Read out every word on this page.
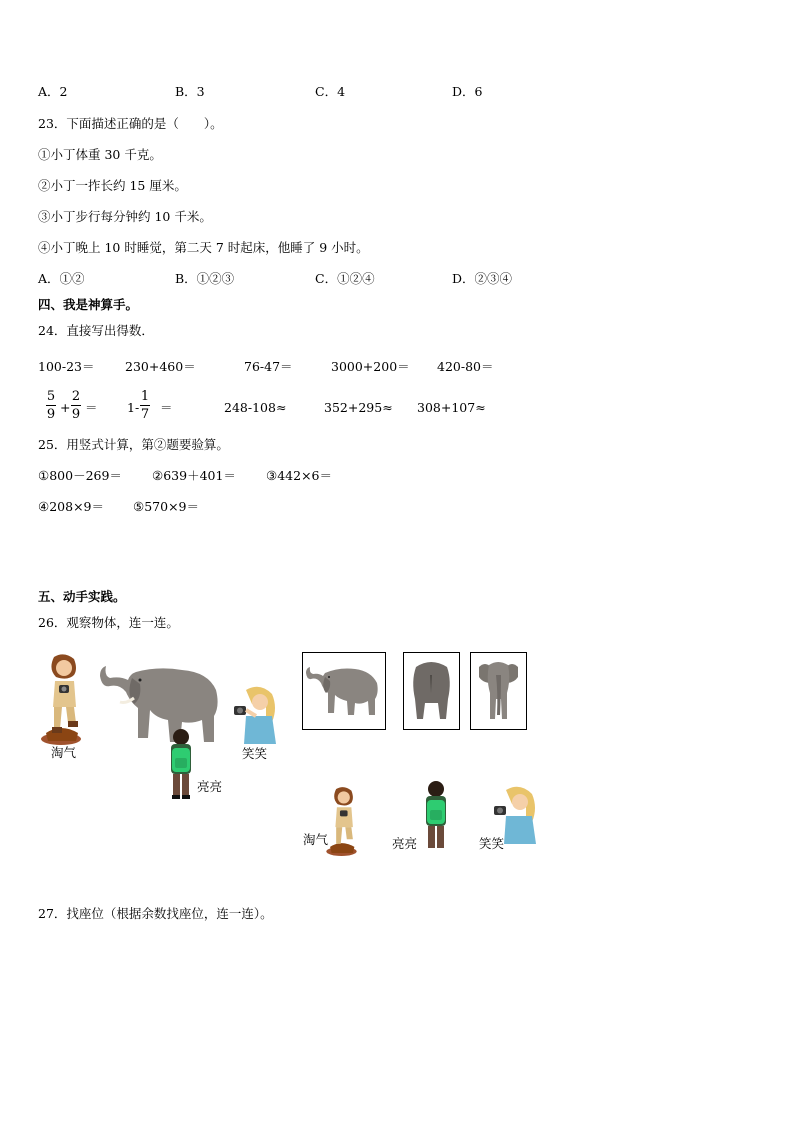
A．2	B．3	C．4	D．6
23．下面描述正确的是（　　）。
①小丁体重 30 千克。
②小丁一拃长约 15 厘米。
③小丁步行每分钟约 10 千米。
④小丁晚上 10 时睡觉，第二天 7 时起床，他睡了 9 小时。
A．①②	B．①②③	C．①②④	D．②③④
四、我是神算手。
24．直接写出得数．
100-23＝ 230+460＝	76-47＝	3000+200＝ 420-80＝
5
9 +
2
9 ＝ 1-
1
7 ＝	248-108≈	352+295≈ 308+107≈
25．用竖式计算，第②题要验算。
①800－269＝ ②639＋401＝ ③442×6＝
④208×9＝ ⑤570×9＝
五、动手实践。
26．观察物体，连一连。
淘气
亮亮
笑笑
淘气	亮亮	笑笑
27．找座位（根据余数找座位，连一连）。
